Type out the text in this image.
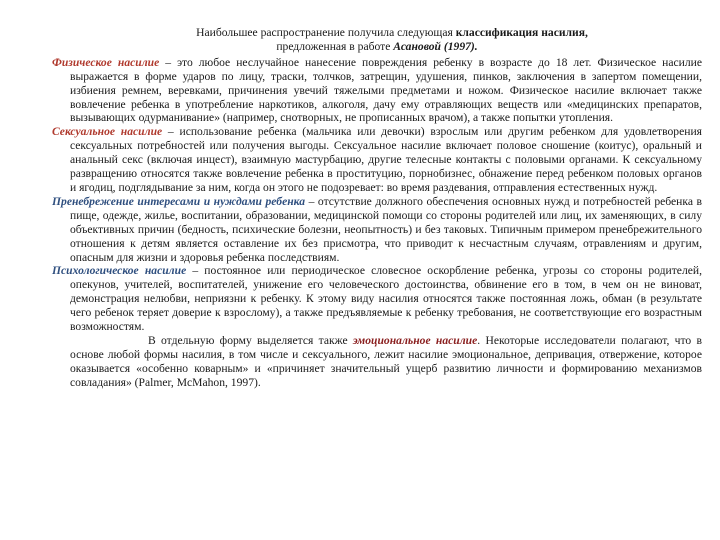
Наибольшее распространение получила следующая классификация насилия,
предложенная в работе Асановой (1997).

Физическое насилие – это любое неслучайное нанесение повреждения ребенку в возрасте до 18 лет. Физическое насилие выражается в форме ударов по лицу, траски, толчков, затрещин, удушения, пинков, заключения в запертом помещении, избиения ремнем, веревками, причинения увечий тяжелыми предметами и ножом. Физическое насилие включает также вовлечение ребенка в употребление наркотиков, алкоголя, дачу ему отравляющих веществ или «медицинских препаратов, вызывающих одурманивание» (например, снотворных, не прописанных врачом), а также попытки утопления.

Сексуальное насилие – использование ребенка (мальчика или девочки) взрослым или другим ребенком для удовлетворения сексуальных потребностей или получения выгоды. Сексуальное насилие включает половое сношение (коитус), оральный и анальный секс (включая инцест), взаимную мастурбацию, другие телесные контакты с половыми органами. К сексуальному развращению относятся также вовлечение ребенка в проституцию, порнобизнес, обнажение перед ребенком половых органов и ягодиц, подглядывание за ним, когда он этого не подозревает: во время раздевания, отправления естественных нужд.

Пренебрежение интересами и нуждами ребенка – отсутствие должного обеспечения основных нужд и потребностей ребенка в пище, одежде, жилье, воспитании, образовании, медицинской помощи со стороны родителей или лиц, их заменяющих, в силу объективных причин (бедность, психические болезни, неопытность) и без таковых. Типичным примером пренебрежительного отношения к детям является оставление их без присмотра, что приводит к несчастным случаям, отравлениям и другим, опасным для жизни и здоровья ребенка последствиям.

Психологическое насилие – постоянное или периодическое словесное оскорбление ребенка, угрозы со стороны родителей, опекунов, учителей, воспитателей, унижение его человеческого достоинства, обвинение его в том, в чем он не виноват, демонстрация нелюбви, неприязни к ребенку. К этому виду насилия относятся также постоянная ложь, обман (в результате чего ребенок теряет доверие к взрослому), а также предъявляемые к ребенку требования, не соответствующие его возрастным возможностям.

В отдельную форму выделяется также эмоциональное насилие. Некоторые исследователи полагают, что в основе любой формы насилия, в том числе и сексуального, лежит насилие эмоциональное, депривация, отвержение, которое оказывается «особенно коварным» и «причиняет значительный ущерб развитию личности и формированию механизмов совладания» (Palmer, McMahon, 1997).
